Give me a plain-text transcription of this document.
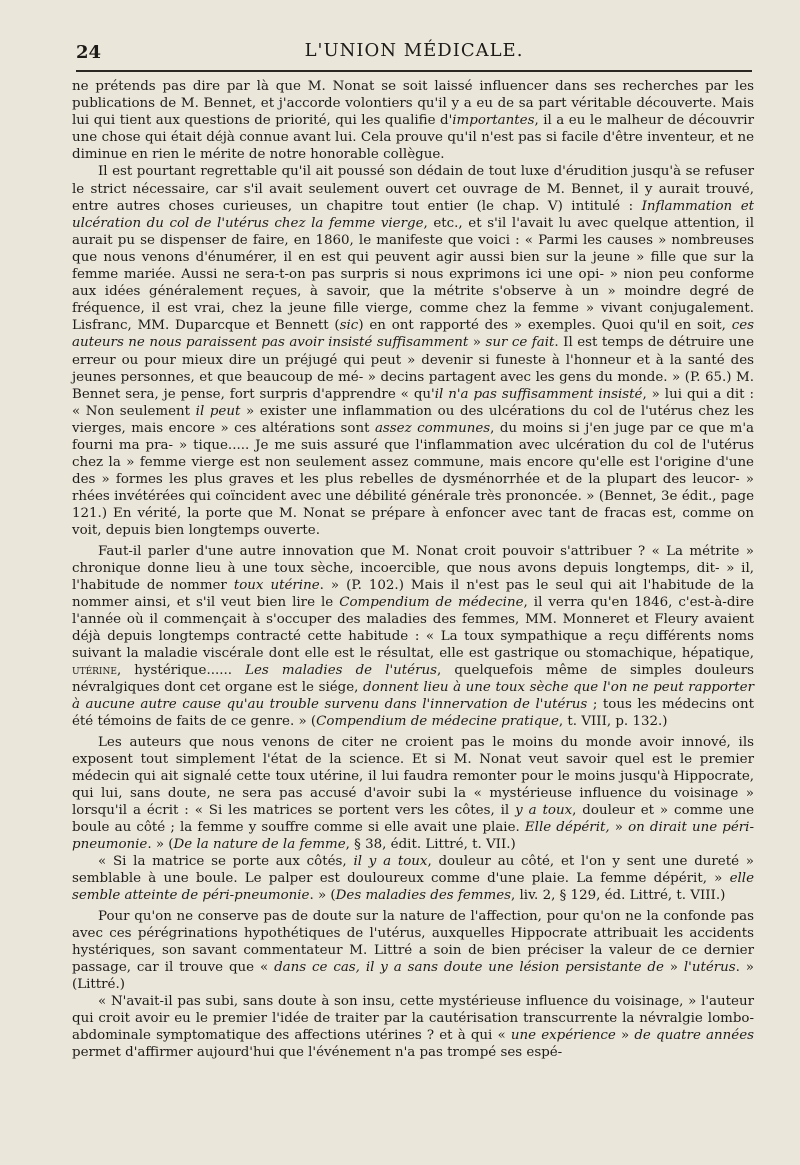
24	L'UNION MÉDICALE.

ne prétends pas dire par là que M. Nonat se soit laissé influencer dans ses recherches par les publications de M. Bennet, et j'accorde volontiers qu'il y a eu de sa part véritable découverte. Mais lui qui tient aux questions de priorité, qui les qualifie d'importantes, il a eu le malheur de découvrir une chose qui était déjà connue avant lui. Cela prouve qu'il n'est pas si facile d'être inventeur, et ne diminue en rien le mérite de notre honorable collègue.

Il est pourtant regrettable qu'il ait poussé son dédain de tout luxe d'érudition jusqu'à se refuser le strict nécessaire, car s'il avait seulement ouvert cet ouvrage de M. Bennet, il y aurait trouvé, entre autres choses curieuses, un chapitre tout entier (le chap. V) intitulé : Inflammation et ulcération du col de l'utérus chez la femme vierge, etc., et s'il l'avait lu avec quelque attention, il aurait pu se dispenser de faire, en 1860, le manifeste que voici : « Parmi les causes » nombreuses que nous venons d'énumérer, il en est qui peuvent agir aussi bien sur la jeune » fille que sur la femme mariée. Aussi ne sera-t-on pas surpris si nous exprimons ici une opi- » nion peu conforme aux idées généralement reçues, à savoir, que la métrite s'observe à un » moindre degré de fréquence, il est vrai, chez la jeune fille vierge, comme chez la femme » vivant conjugalement. Lisfranc, MM. Duparcque et Bennett (sic) en ont rapporté des » exemples. Quoi qu'il en soit, ces auteurs ne nous paraissent pas avoir insisté suffisamment » sur ce fait. Il est temps de détruire une erreur ou pour mieux dire un préjugé qui peut » devenir si funeste à l'honneur et à la santé des jeunes personnes, et que beaucoup de mé- » decins partagent avec les gens du monde. » (P. 65.) M. Bennet sera, je pense, fort surpris d'apprendre « qu'il n'a pas suffisamment insisté, » lui qui a dit : « Non seulement il peut » exister une inflammation ou des ulcérations du col de l'utérus chez les vierges, mais encore » ces altérations sont assez communes, du moins si j'en juge par ce que m'a fourni ma pra- » tique..... Je me suis assuré que l'inflammation avec ulcération du col de l'utérus chez la » femme vierge est non seulement assez commune, mais encore qu'elle est l'origine d'une des » formes les plus graves et les plus rebelles de dysménorrhée et de la plupart des leucor- » rhées invétérées qui coïncident avec une débilité générale très prononcée. » (Bennet, 3e édit., page 121.) En vérité, la porte que M. Nonat se prépare à enfoncer avec tant de fracas est, comme on voit, depuis bien longtemps ouverte.

Faut-il parler d'une autre innovation que M. Nonat croit pouvoir s'attribuer ? « La métrite » chronique donne lieu à une toux sèche, incoercible, que nous avons depuis longtemps, dit- » il, l'habitude de nommer toux utérine. » (P. 102.) Mais il n'est pas le seul qui ait l'habitude de la nommer ainsi, et s'il veut bien lire le Compendium de médecine, il verra qu'en 1846, c'est-à-dire l'année où il commençait à s'occuper des maladies des femmes, MM. Monneret et Fleury avaient déjà depuis longtemps contracté cette habitude : « La toux sympathique a reçu différents noms suivant la maladie viscérale dont elle est le résultat, elle est gastrique ou stomachique, hépatique, utérine, hystérique...... Les maladies de l'utérus, quelquefois même de simples douleurs névralgiques dont cet organe est le siége, donnent lieu à une toux sèche que l'on ne peut rapporter à aucune autre cause qu'au trouble survenu dans l'innervation de l'utérus ; tous les médecins ont été témoins de faits de ce genre. » (Compendium de médecine pratique, t. VIII, p. 132.)

Les auteurs que nous venons de citer ne croient pas le moins du monde avoir innové, ils exposent tout simplement l'état de la science. Et si M. Nonat veut savoir quel est le premier médecin qui ait signalé cette toux utérine, il lui faudra remonter pour le moins jusqu'à Hippocrate, qui lui, sans doute, ne sera pas accusé d'avoir subi la « mystérieuse influence du voisinage » lorsqu'il a écrit : « Si les matrices se portent vers les côtes, il y a toux, douleur et » comme une boule au côté ; la femme y souffre comme si elle avait une plaie. Elle dépérit, » on dirait une péri-pneumonie. » (De la nature de la femme, § 38, édit. Littré, t. VII.)

« Si la matrice se porte aux côtés, il y a toux, douleur au côté, et l'on y sent une dureté » semblable à une boule. Le palper est douloureux comme d'une plaie. La femme dépérit, » elle semble atteinte de péri-pneumonie. » (Des maladies des femmes, liv. 2, § 129, éd. Littré, t. VIII.)

Pour qu'on ne conserve pas de doute sur la nature de l'affection, pour qu'on ne la confonde pas avec ces pérégrinations hypothétiques de l'utérus, auxquelles Hippocrate attribuait les accidents hystériques, son savant commentateur M. Littré a soin de bien préciser la valeur de ce dernier passage, car il trouve que « dans ce cas, il y a sans doute une lésion persistante de » l'utérus. » (Littré.)

« N'avait-il pas subi, sans doute à son insu, cette mystérieuse influence du voisinage, » l'auteur qui croit avoir eu le premier l'idée de traiter par la cautérisation transcurrente la névralgie lombo-abdominale symptomatique des affections utérines ? et à qui « une expérience » de quatre années permet d'affirmer aujourd'hui que l'événement n'a pas trompé ses espé-
